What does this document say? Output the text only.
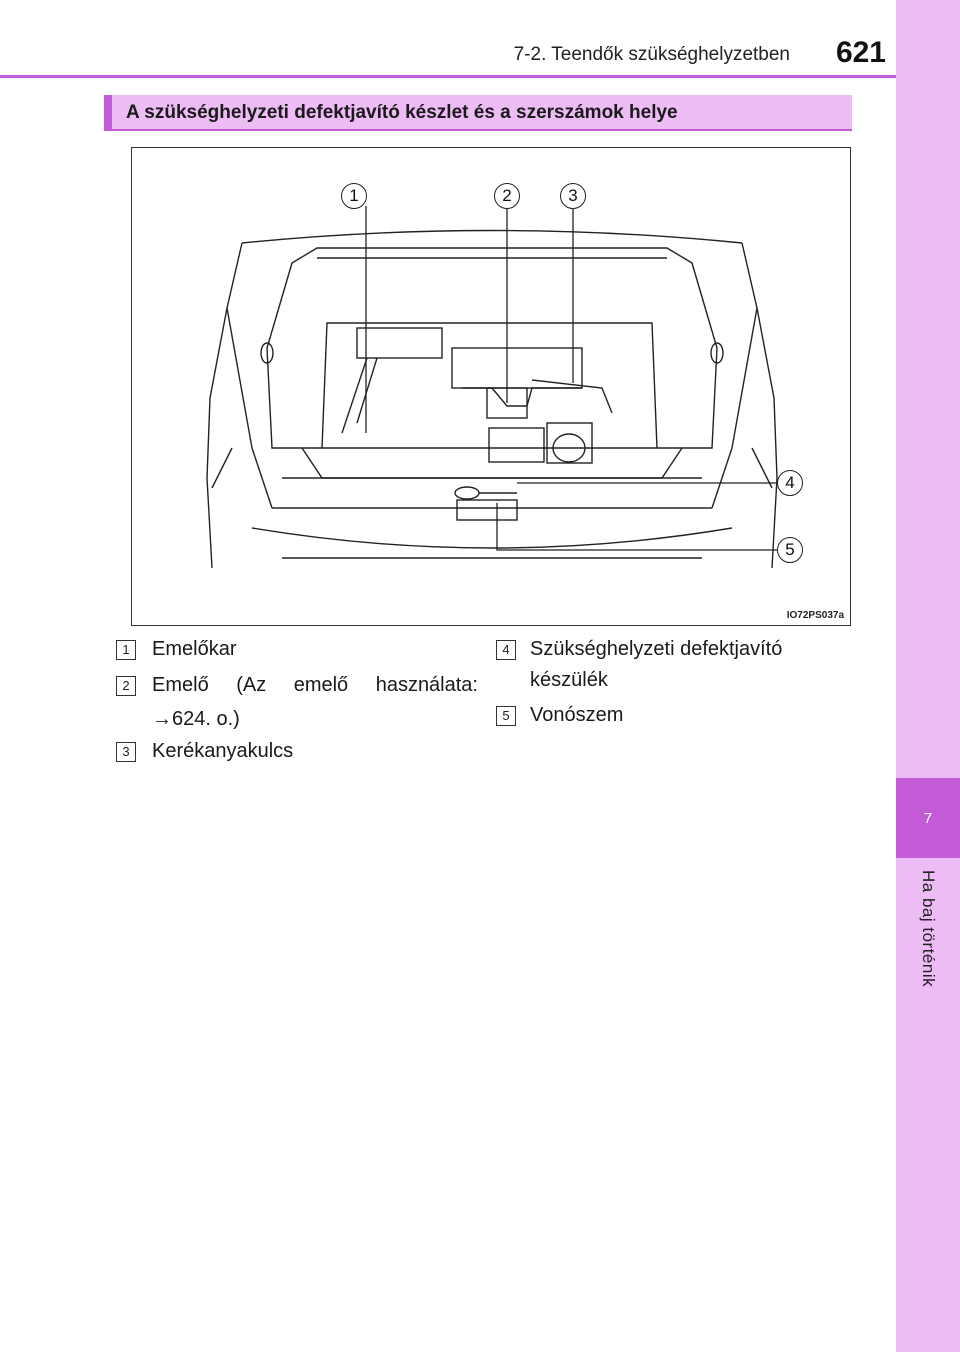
7
Ha baj történik
7-2. Teendők szükséghelyzetben	621
A szükséghelyzeti defektjavító készlet és a szerszámok helye
1	2	3
4
5
IO72PS037a
1	Emelőkar
2	Emelő (Az emelő használata:
→624. o.)
3	Kerékanyakulcs
4	Szükséghelyzeti defektjavító
készülék
5	Vonószem
